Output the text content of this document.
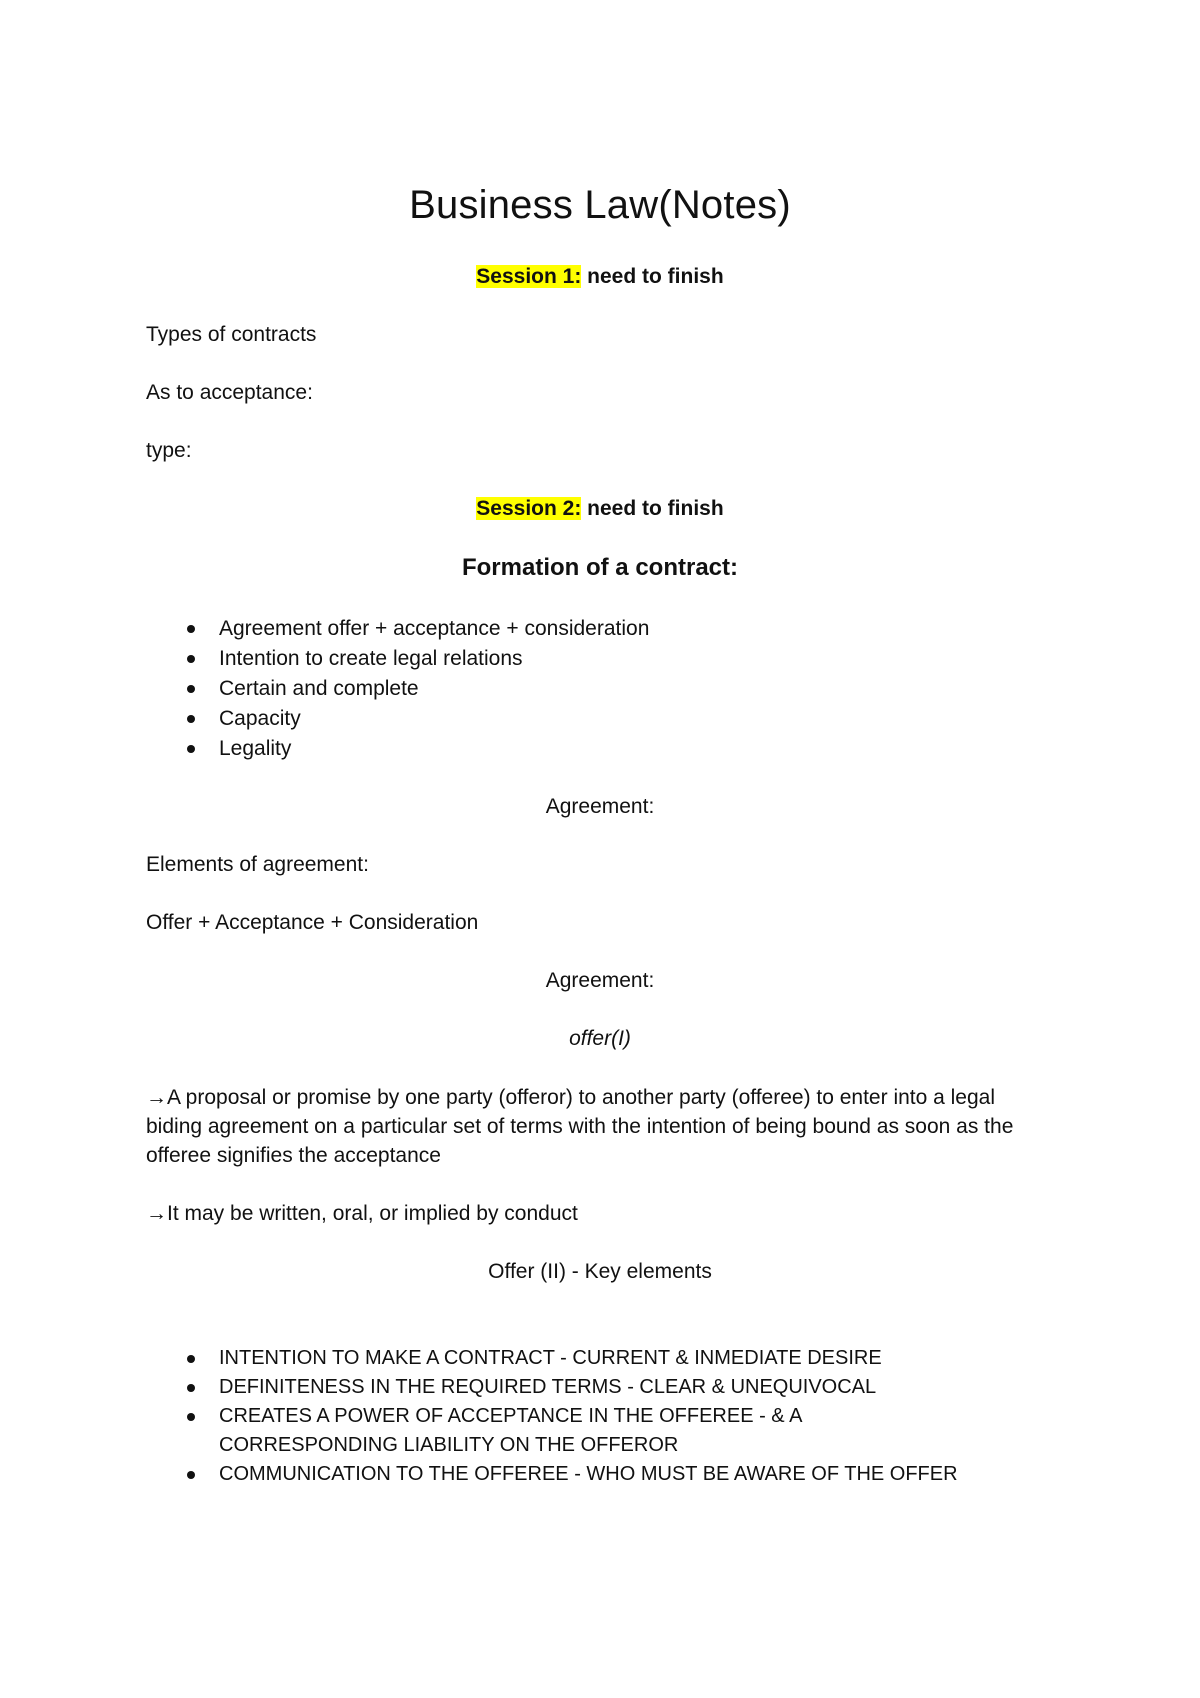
Business Law(Notes)
Session 1: need to finish
Types of contracts
As to acceptance:
type:
Session 2: need to finish
Formation of a contract:
Agreement offer + acceptance + consideration
Intention to create legal relations
Certain and complete
Capacity
Legality
Agreement:
Elements of agreement:
Offer + Acceptance + Consideration
Agreement:
offer(I)
→A proposal or promise by one party (offeror) to another party (offeree) to enter into a legal biding agreement on a particular set of terms with the intention of being bound as soon as the offeree signifies the acceptance
→It may be written, oral, or implied by conduct
Offer (II) - Key elements
INTENTION TO MAKE A CONTRACT - CURRENT & INMEDIATE DESIRE
DEFINITENESS IN THE REQUIRED TERMS - CLEAR & UNEQUIVOCAL
CREATES A POWER OF ACCEPTANCE IN THE OFFEREE - & A CORRESPONDING LIABILITY ON THE OFFEROR
COMMUNICATION TO THE OFFEREE - WHO MUST BE AWARE OF THE OFFER
